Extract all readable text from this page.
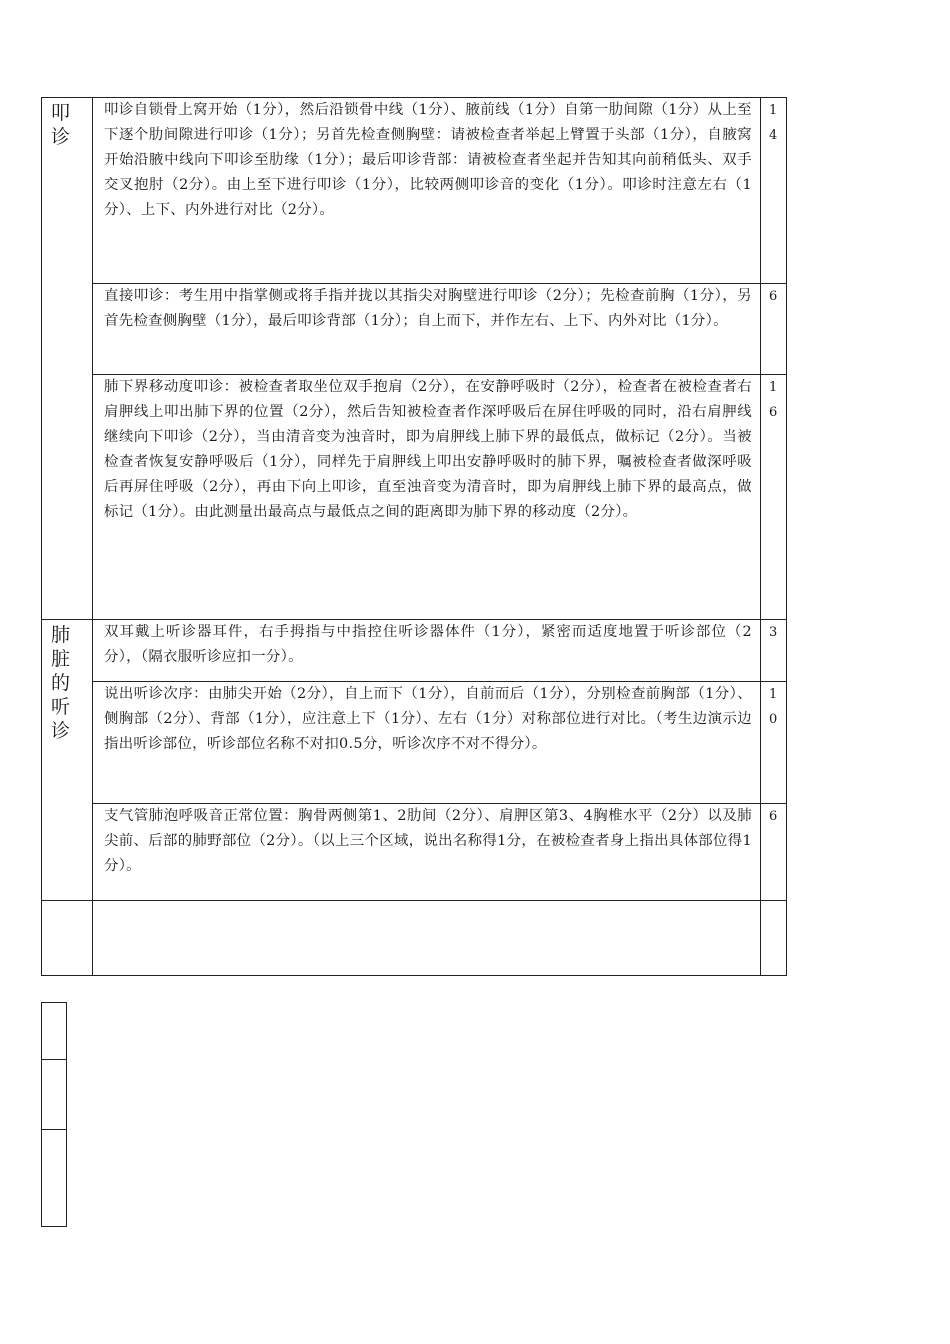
叩诊	叩诊自锁骨上窝开始（1分），然后沿锁骨中线（1分）、腋前线（1分）自第一肋间隙（1分）从上至下逐个肋间隙进行叩诊（1分）；另首先检查侧胸壁：请被检查者举起上臂置于头部（1分），自腋窝开始沿腋中线向下叩诊至肋缘（1分）；最后叩诊背部：请被检查者坐起并告知其向前稍低头、双手交叉抱肘（2分）。由上至下进行叩诊（1分），比较两侧叩诊音的变化（1分）。叩诊时注意左右（1分）、上下、内外进行对比（2分）。	14

	直接叩诊：考生用中指掌侧或将手指并拢以其指尖对胸壁进行叩诊（2分）；先检查前胸（1分），另首先检查侧胸壁（1分），最后叩诊背部（1分）；自上而下，并作左右、上下、内外对比（1分）。	6

	肺下界移动度叩诊：被检查者取坐位双手抱肩（2分），在安静呼吸时（2分），检查者在被检查者右肩胛线上叩出肺下界的位置（2分），然后告知被检查者作深呼吸后在屏住呼吸的同时，沿右肩胛线继续向下叩诊（2分），当由清音变为浊音时，即为肩胛线上肺下界的最低点，做标记（2分）。当被检查者恢复安静呼吸后（1分），同样先于肩胛线上叩出安静呼吸时的肺下界，嘱被检查者做深呼吸后再屏住呼吸（2分），再由下向上叩诊，直至浊音变为清音时，即为肩胛线上肺下界的最高点，做标记（1分）。由此测量出最高点与最低点之间的距离即为肺下界的移动度（2分）。	16

肺脏的听诊	双耳戴上听诊器耳件，右手拇指与中指控住听诊器体件（1分），紧密而适度地置于听诊部位（2分），（隔衣服听诊应扣一分）。	3

	说出听诊次序：由肺尖开始（2分），自上而下（1分），自前而后（1分），分别检查前胸部（1分）、侧胸部（2分）、背部（1分），应注意上下（1分）、左右（1分）对称部位进行对比。（考生边演示边指出听诊部位，听诊部位名称不对扣0.5分，听诊次序不对不得分）。	10

	支气管肺泡呼吸音正常位置：胸骨两侧第1、2肋间（2分）、肩胛区第3、4胸椎水平（2分）以及肺尖前、后部的肺野部位（2分）。（以上三个区域，说出名称得1分，在被检查者身上指出具体部位得1分）。	6
